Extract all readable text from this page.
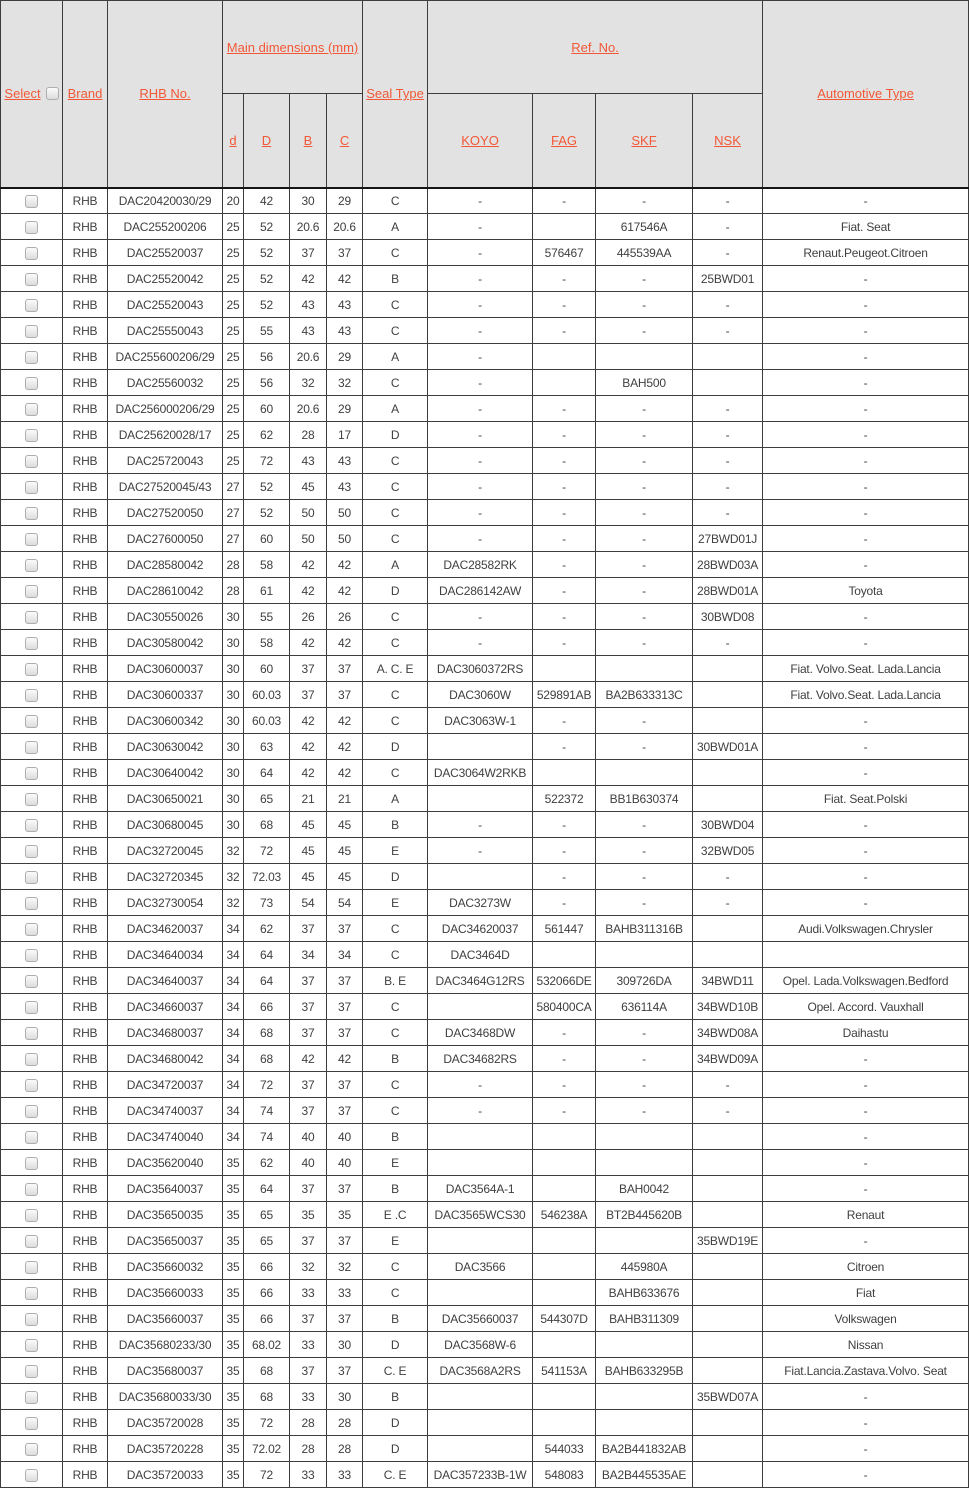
Select	Brand	RHB No.	Main dimensions (mm)				Seal Type	Ref. No.				Automotive Type
			d	D	B	C		KOYO	FAG	SKF	NSK	
	RHB	DAC20420030/29	20	42	30	29	C	-	-	-	-	-
	RHB	DAC255200206	25	52	20.6	20.6	A	-		617546A	-	Fiat. Seat
	RHB	DAC25520037	25	52	37	37	C	-	576467	445539AA	-	Renaut.Peugeot.Citroen
	RHB	DAC25520042	25	52	42	42	B	-	-	-	25BWD01	-
	RHB	DAC25520043	25	52	43	43	C	-	-	-	-	-
	RHB	DAC25550043	25	55	43	43	C	-	-	-	-	-
	RHB	DAC255600206/29	25	56	20.6	29	A	-				-
	RHB	DAC25560032	25	56	32	32	C	-		BAH500		-
	RHB	DAC256000206/29	25	60	20.6	29	A	-	-	-	-	-
	RHB	DAC25620028/17	25	62	28	17	D	-	-	-	-	-
	RHB	DAC25720043	25	72	43	43	C	-	-	-	-	-
	RHB	DAC27520045/43	27	52	45	43	C	-	-	-	-	-
	RHB	DAC27520050	27	52	50	50	C	-	-	-	-	-
	RHB	DAC27600050	27	60	50	50	C	-	-	-	27BWD01J	-
	RHB	DAC28580042	28	58	42	42	A	DAC28582RK	-	-	28BWD03A	-
	RHB	DAC28610042	28	61	42	42	D	DAC286142AW	-	-	28BWD01A	Toyota
	RHB	DAC30550026	30	55	26	26	C	-	-	-	30BWD08	-
	RHB	DAC30580042	30	58	42	42	C	-	-	-	-	-
	RHB	DAC30600037	30	60	37	37	A. C. E	DAC3060372RS				Fiat. Volvo.Seat. Lada.Lancia
	RHB	DAC30600337	30	60.03	37	37	C	DAC3060W	529891AB	BA2B633313C		Fiat. Volvo.Seat. Lada.Lancia
	RHB	DAC30600342	30	60.03	42	42	C	DAC3063W-1	-	-		-
	RHB	DAC30630042	30	63	42	42	D		-	-	30BWD01A	-
	RHB	DAC30640042	30	64	42	42	C	DAC3064W2RKB				-
	RHB	DAC30650021	30	65	21	21	A		522372	BB1B630374		Fiat. Seat.Polski
	RHB	DAC30680045	30	68	45	45	B	-	-	-	30BWD04	-
	RHB	DAC32720045	32	72	45	45	E	-	-	-	32BWD05	-
	RHB	DAC32720345	32	72.03	45	45	D		-	-	-	-
	RHB	DAC32730054	32	73	54	54	E	DAC3273W	-	-	-	-
	RHB	DAC34620037	34	62	37	37	C	DAC34620037	561447	BAHB311316B		Audi.Volkswagen.Chrysler
	RHB	DAC34640034	34	64	34	34	C	DAC3464D				
	RHB	DAC34640037	34	64	37	37	B. E	DAC3464G12RS	532066DE	309726DA	34BWD11	Opel. Lada.Volkswagen.Bedford
	RHB	DAC34660037	34	66	37	37	C		580400CA	636114A	34BWD10B	Opel. Accord. Vauxhall
	RHB	DAC34680037	34	68	37	37	C	DAC3468DW	-	-	34BWD08A	Daihastu
	RHB	DAC34680042	34	68	42	42	B	DAC34682RS	-	-	34BWD09A	-
	RHB	DAC34720037	34	72	37	37	C	-	-	-	-	-
	RHB	DAC34740037	34	74	37	37	C	-	-	-	-	-
	RHB	DAC34740040	34	74	40	40	B					-
	RHB	DAC35620040	35	62	40	40	E					-
	RHB	DAC35640037	35	64	37	37	B	DAC3564A-1		BAH0042		-
	RHB	DAC35650035	35	65	35	35	E .C	DAC3565WCS30	546238A	BT2B445620B		Renaut
	RHB	DAC35650037	35	65	37	37	E				35BWD19E	-
	RHB	DAC35660032	35	66	32	32	C	DAC3566		445980A		Citroen
	RHB	DAC35660033	35	66	33	33	C			BAHB633676		Fiat
	RHB	DAC35660037	35	66	37	37	B	DAC35660037	544307D	BAHB311309		Volkswagen
	RHB	DAC35680233/30	35	68.02	33	30	D	DAC3568W-6				Nissan
	RHB	DAC35680037	35	68	37	37	C. E	DAC3568A2RS	541153A	BAHB633295B		Fiat.Lancia.Zastava.Volvo. Seat
	RHB	DAC35680033/30	35	68	33	30	B				35BWD07A	-
	RHB	DAC35720028	35	72	28	28	D					-
	RHB	DAC35720228	35	72.02	28	28	D		544033	BA2B441832AB		-
	RHB	DAC35720033	35	72	33	33	C. E	DAC357233B-1W	548083	BA2B445535AE		-
